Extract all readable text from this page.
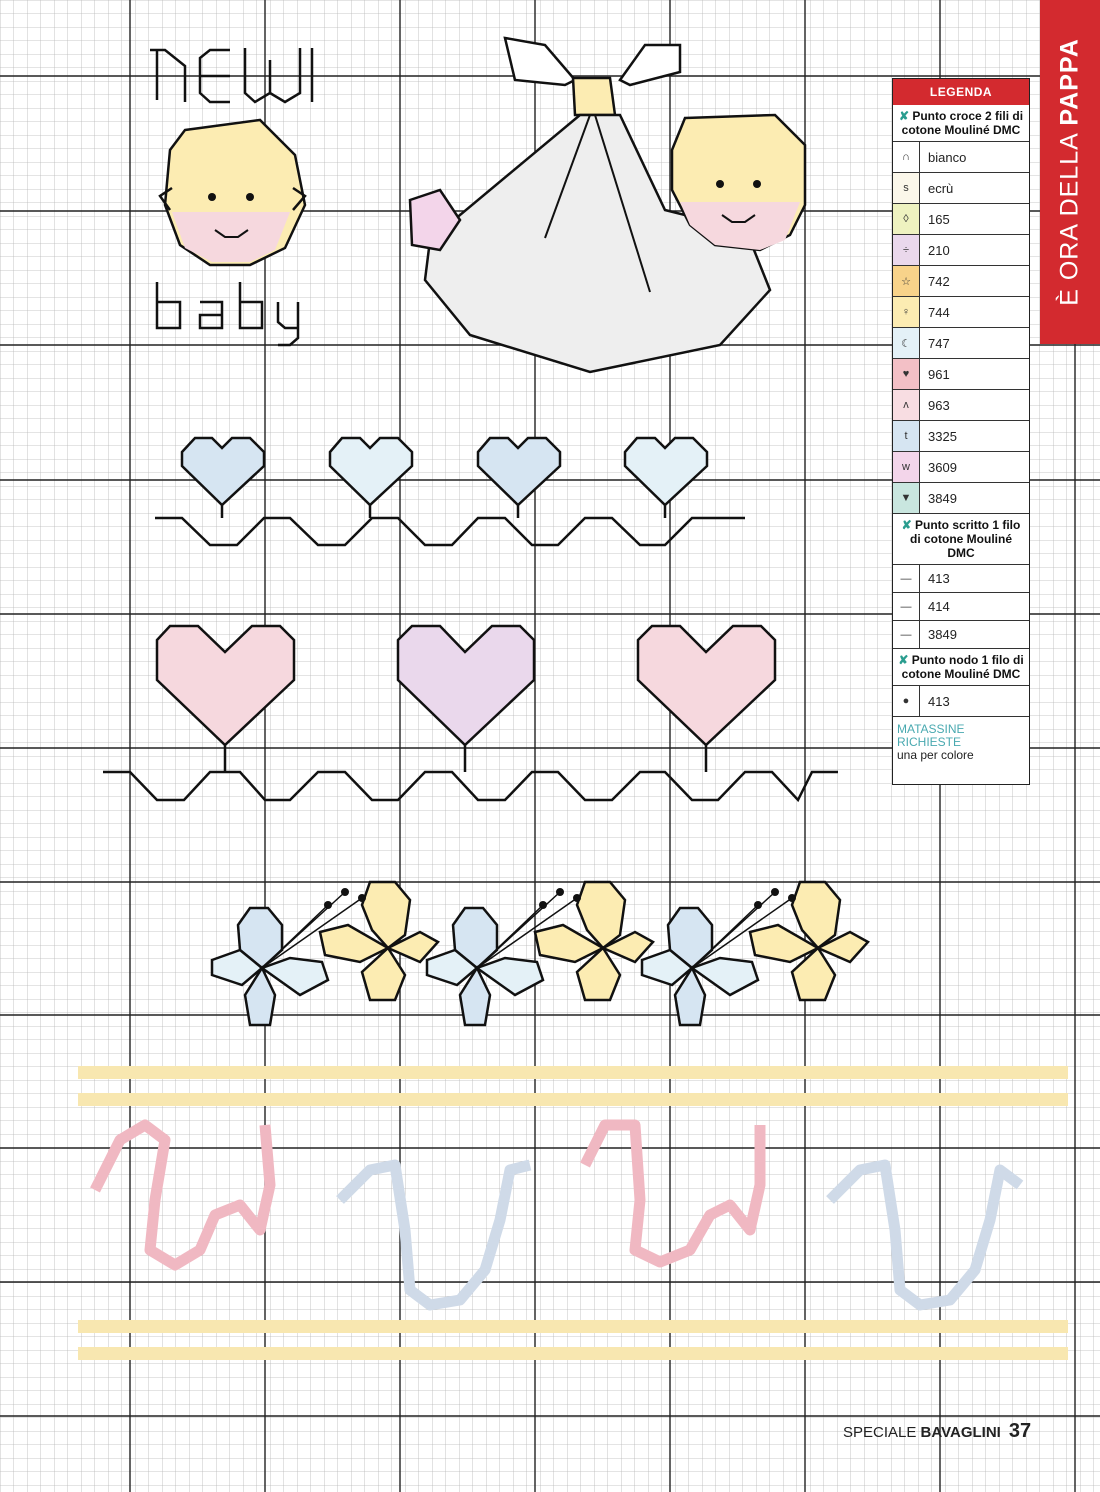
È ORA DELLA PAPPA
LEGENDA
✘ Punto croce 2 fili di cotone Mouliné DMC
∩	bianco
s	ecrù
◊	165
÷	210
☆	742
♀	744
☾	747
♥	961
ʌ	963
t	3325
w	3609
▼	3849
✘ Punto scritto 1 filo di cotone Mouliné DMC
—	413
—	414
—	3849
✘ Punto nodo 1 filo di cotone Mouliné DMC
●	413
MATASSINE RICHIESTE
una per colore
SPECIALE BAVAGLINI 37
